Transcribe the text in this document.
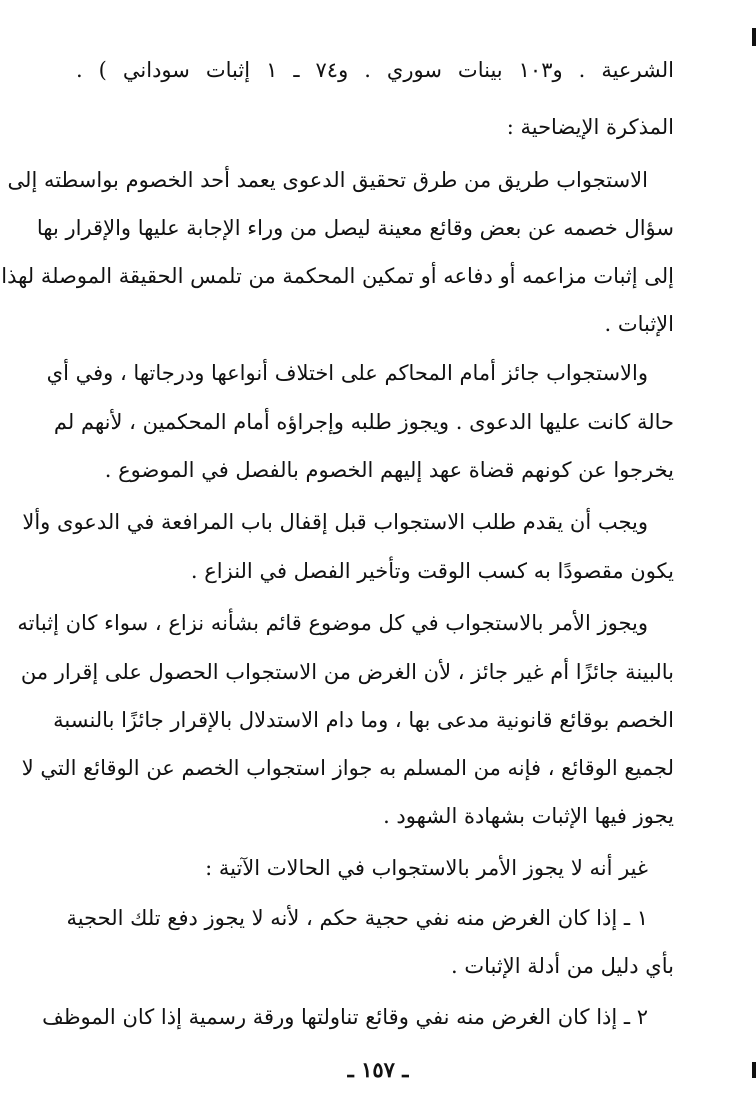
الشرعية . و١٠٣ بينات سوري . و٧٤ ـ ١ إثبات سوداني ) .
المذكرة الإيضاحية :
الاستجواب طريق من طرق تحقيق الدعوى يعمد أحد الخصوم بواسطته إلى
سؤال خصمه عن بعض وقائع معينة ليصل من وراء الإجابة عليها والإقرار بها
إلى إثبات مزاعمه أو دفاعه أو تمكين المحكمة من تلمس الحقيقة الموصلة لهذا
الإثبات .
والاستجواب جائز أمام المحاكم على اختلاف أنواعها ودرجاتها ، وفي أي
حالة كانت عليها الدعوى . ويجوز طلبه وإجراؤه أمام المحكمين ، لأنهم لم
يخرجوا عن كونهم قضاة عهد إليهم الخصوم بالفصل في الموضوع .
ويجب أن يقدم طلب الاستجواب قبل إقفال باب المرافعة في الدعوى وألا
يكون مقصودًا به كسب الوقت وتأخير الفصل في النزاع .
ويجوز الأمر بالاستجواب في كل موضوع قائم بشأنه نزاع ، سواء كان إثباته
بالبينة جائزًا أم غير جائز ، لأن الغرض من الاستجواب الحصول على إقرار من
الخصم بوقائع قانونية مدعى بها ، وما دام الاستدلال بالإقرار جائزًا بالنسبة
لجميع الوقائع ، فإنه من المسلم به جواز استجواب الخصم عن الوقائع التي لا
يجوز فيها الإثبات بشهادة الشهود .
غير أنه لا يجوز الأمر بالاستجواب في الحالات الآتية :
١ ـ إذا كان الغرض منه نفي حجية حكم ، لأنه لا يجوز دفع تلك الحجية
بأي دليل من أدلة الإثبات .
٢ ـ إذا كان الغرض منه نفي وقائع تناولتها ورقة رسمية إذا كان الموظف
ـ ١٥٧ ـ
